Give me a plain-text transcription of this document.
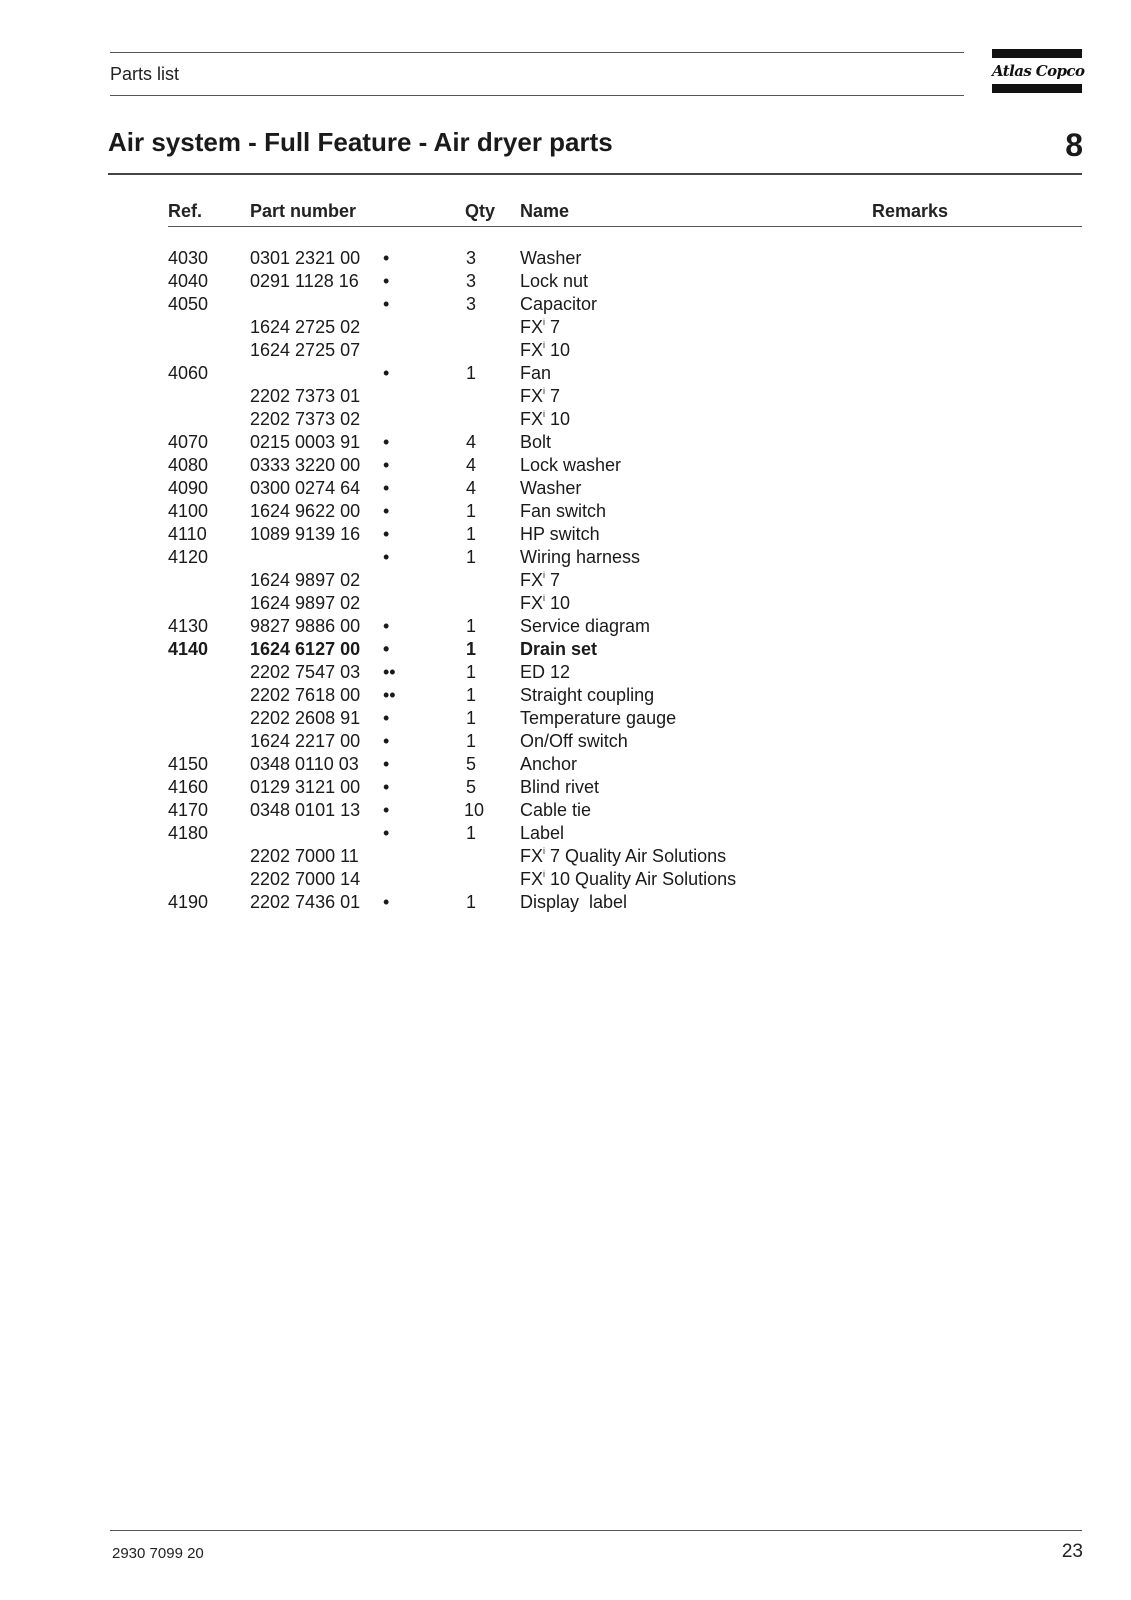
Parts list	Atlas Copco
Air system - Full Feature - Air dryer parts	8
Ref.	Part number	Qty Name	Remarks
4030 0301 2321 00 •	3 Washer
4040 0291 1128 16 •	3 Lock nut
4050	•	3 Capacitor
1624 2725 02	$FX^i$ 7
1624 2725 07	$FX^i$ 10
4060	•	1 Fan
2202 7373 01	$FX^i$ 7
2202 7373 02	$FX^i$ 10
4070 0215 0003 91 •	4 Bolt
4080 0333 3220 00 •	4 Lock washer
4090 0300 0274 64 •	4 Washer
4100 1624 9622 00 •	1 Fan switch
4110 1089 9139 16 •	1 HP switch
4120	•	1 Wiring harness
1624 9897 02	$FX^i$ 7
1624 9897 02	$FX^i$ 10
4130 9827 9886 00 •	1 Service diagram
4140 1624 6127 00 •	1 Drain set
2202 7547 03 ••	1 ED 12
2202 7618 00 ••	1 Straight coupling
2202 2608 91 •	1 Temperature gauge
1624 2217 00 •	1 On/Off switch
4150 0348 0110 03 •	5 Anchor
4160 0129 3121 00 •	5 Blind rivet
4170 0348 0101 13 •	10 Cable tie
4180	•	1 Label
2202 7000 11	$FX^i$ 7 Quality Air Solutions
2202 7000 14	$FX^i$ 10 Quality Air Solutions
4190 2202 7436 01 •	1 Display  label
2930 7099 20	23
